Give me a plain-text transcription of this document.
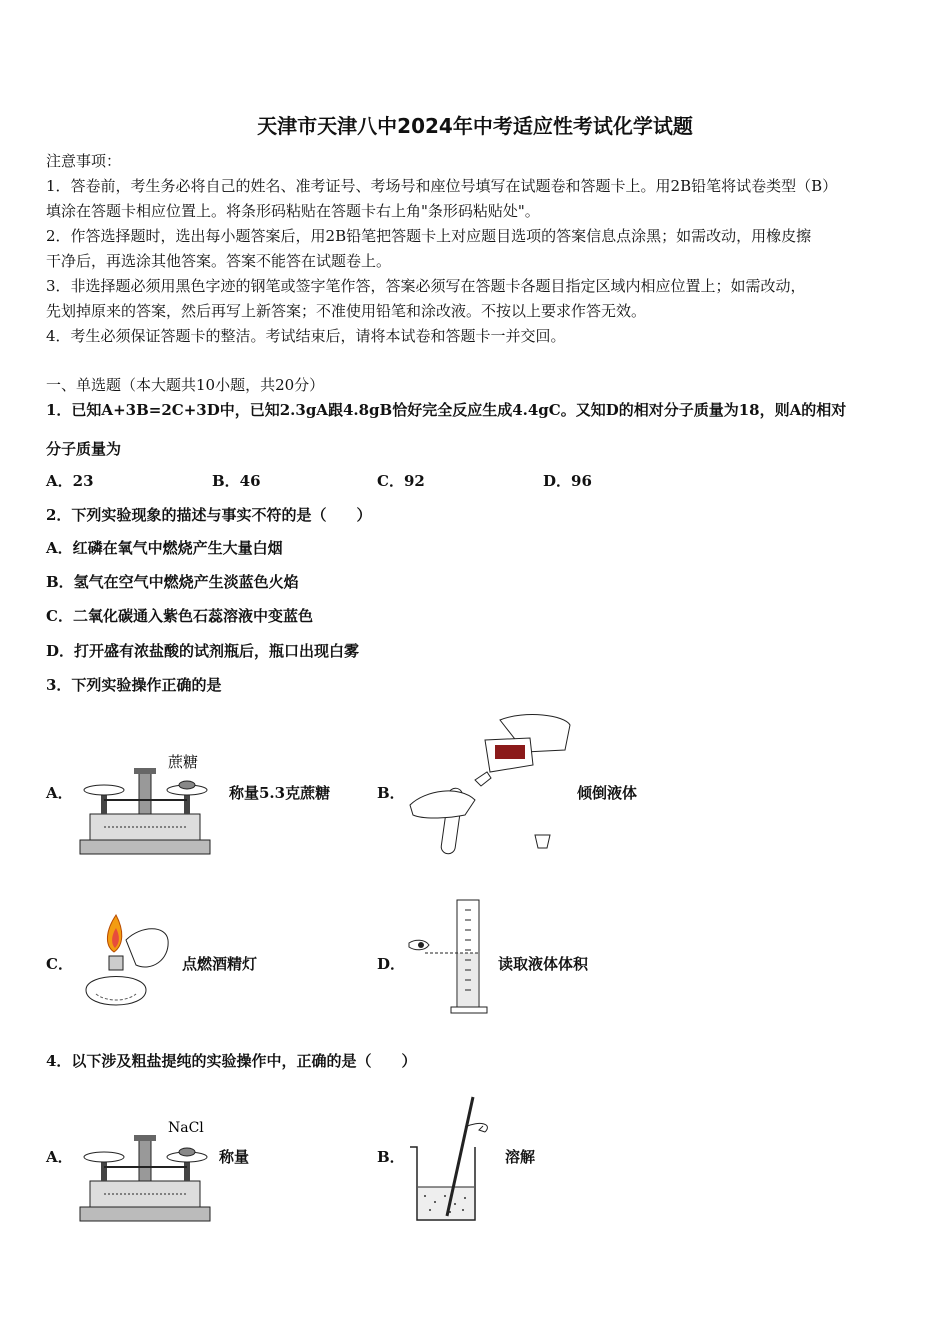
天津市天津八中2024年中考适应性考试化学试题
注意事项：
1．答卷前，考生务必将自己的姓名、准考证号、考场号和座位号填写在试题卷和答题卡上。用2B铅笔将试卷类型（B）
填涂在答题卡相应位置上。将条形码粘贴在答题卡右上角"条形码粘贴处"。
2．作答选择题时，选出每小题答案后，用2B铅笔把答题卡上对应题目选项的答案信息点涂黑；如需改动，用橡皮擦
干净后，再选涂其他答案。答案不能答在试题卷上。
3．非选择题必须用黑色字迹的钢笔或签字笔作答，答案必须写在答题卡各题目指定区域内相应位置上；如需改动，
先划掉原来的答案，然后再写上新答案；不准使用铅笔和涂改液。不按以上要求作答无效。
4．考生必须保证答题卡的整洁。考试结束后，请将本试卷和答题卡一并交回。
一、单选题（本大题共10小题，共20分）
1．已知A+3B=2C+3D中，已知2.3gA跟4.8gB恰好完全反应生成4.4gC。又知D的相对分子质量为18，则A的相对
分子质量为
A．23	B．46	C．92	D．96
2．下列实验现象的描述与事实不符的是（　　）
A．红磷在氧气中燃烧产生大量白烟
B．氢气在空气中燃烧产生淡蓝色火焰
C．二氧化碳通入紫色石蕊溶液中变蓝色
D．打开盛有浓盐酸的试剂瓶后，瓶口出现白雾
3．下列实验操作正确的是
A．
蔗糖
称量5.3克蔗糖	B．	倾倒液体
C．	点燃酒精灯	D．	读取液体体积
4．以下涉及粗盐提纯的实验操作中，正确的是（　　）
A．
NaCl
称量	B．	溶解
